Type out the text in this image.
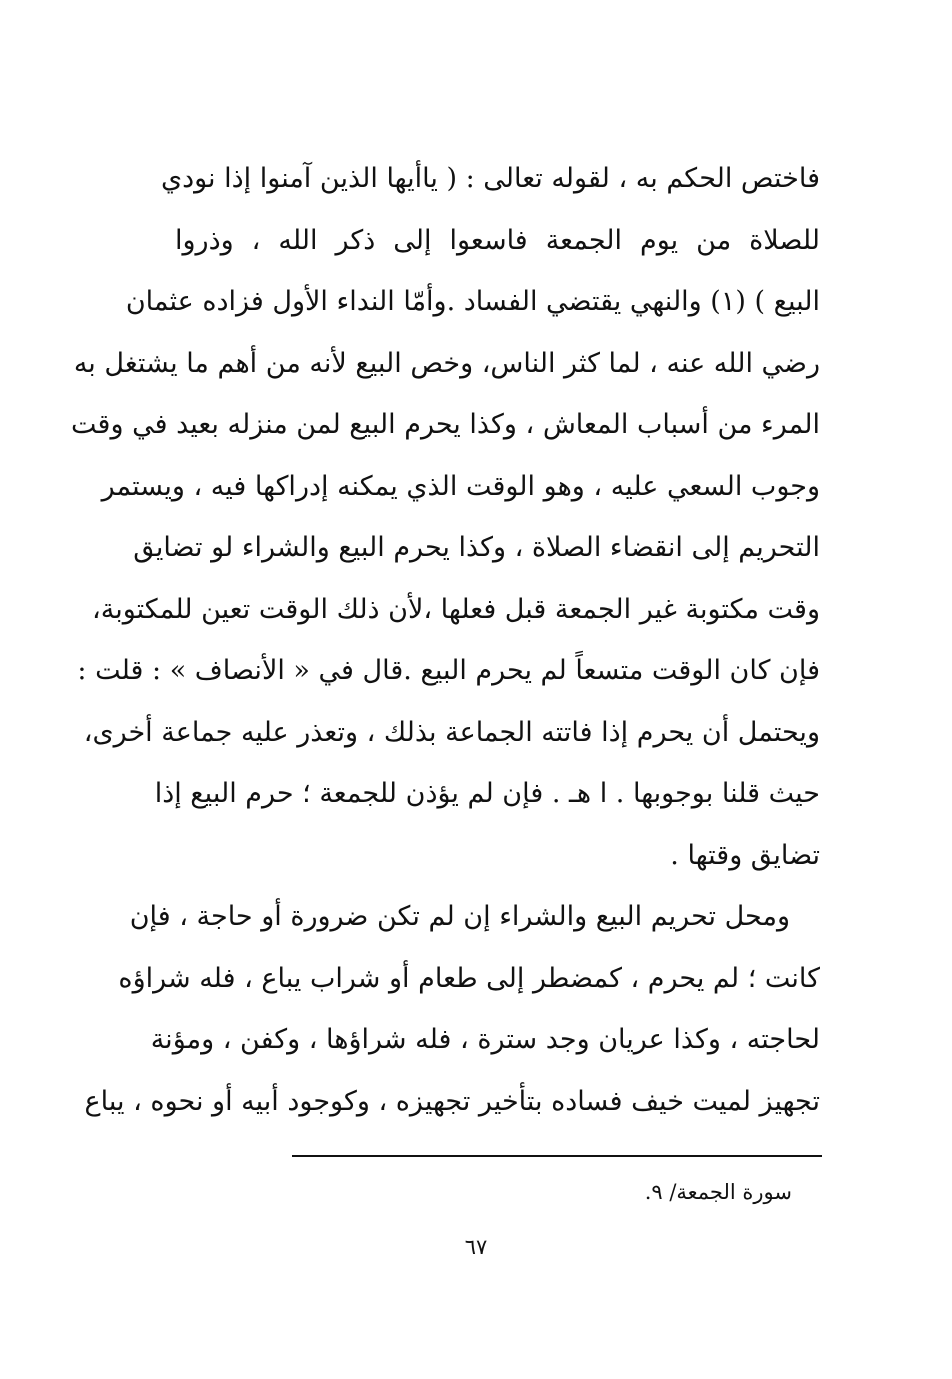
فاختص الحكم به ، لقوله تعالى : ( ياأيها الذين آمنوا إذا نودي
للصلاة من يوم الجمعة فاسعوا إلى ذكر الله ، وذروا
البيع ) (١) والنهي يقتضي الفساد .وأمّا النداء الأول فزاده عثمان
رضي الله عنه ، لما كثر الناس، وخص البيع لأنه من أهم ما يشتغل به
المرء من أسباب المعاش ، وكذا يحرم البيع لمن منزله بعيد في وقت
وجوب السعي عليه ، وهو الوقت الذي يمكنه إدراكها فيه ، ويستمر
التحريم إلى انقضاء الصلاة ، وكذا يحرم البيع والشراء لو تضايق
وقت مكتوبة غير الجمعة قبل فعلها ،لأن ذلك الوقت تعين للمكتوبة،
فإن كان الوقت متسعاً لم يحرم البيع .قال في « الأنصاف » : قلت :
ويحتمل أن يحرم إذا فاتته الجماعة بذلك ، وتعذر عليه جماعة أخرى،
حيث قلنا بوجوبها . ا هـ . فإن لم يؤذن للجمعة ؛ حرم البيع إذا
تضايق وقتها .
ومحل تحريم البيع والشراء إن لم تكن ضرورة أو حاجة ، فإن
كانت ؛ لم يحرم ، كمضطر إلى طعام أو شراب يباع ، فله شراؤه
لحاجته ، وكذا عريان وجد سترة ، فله شراؤها ، وكفن ، ومؤنة
تجهيز لميت خيف فساده بتأخير تجهيزه ، وكوجود أبيه أو نحوه ، يباع
سورة الجمعة/ ٩.
٦٧
